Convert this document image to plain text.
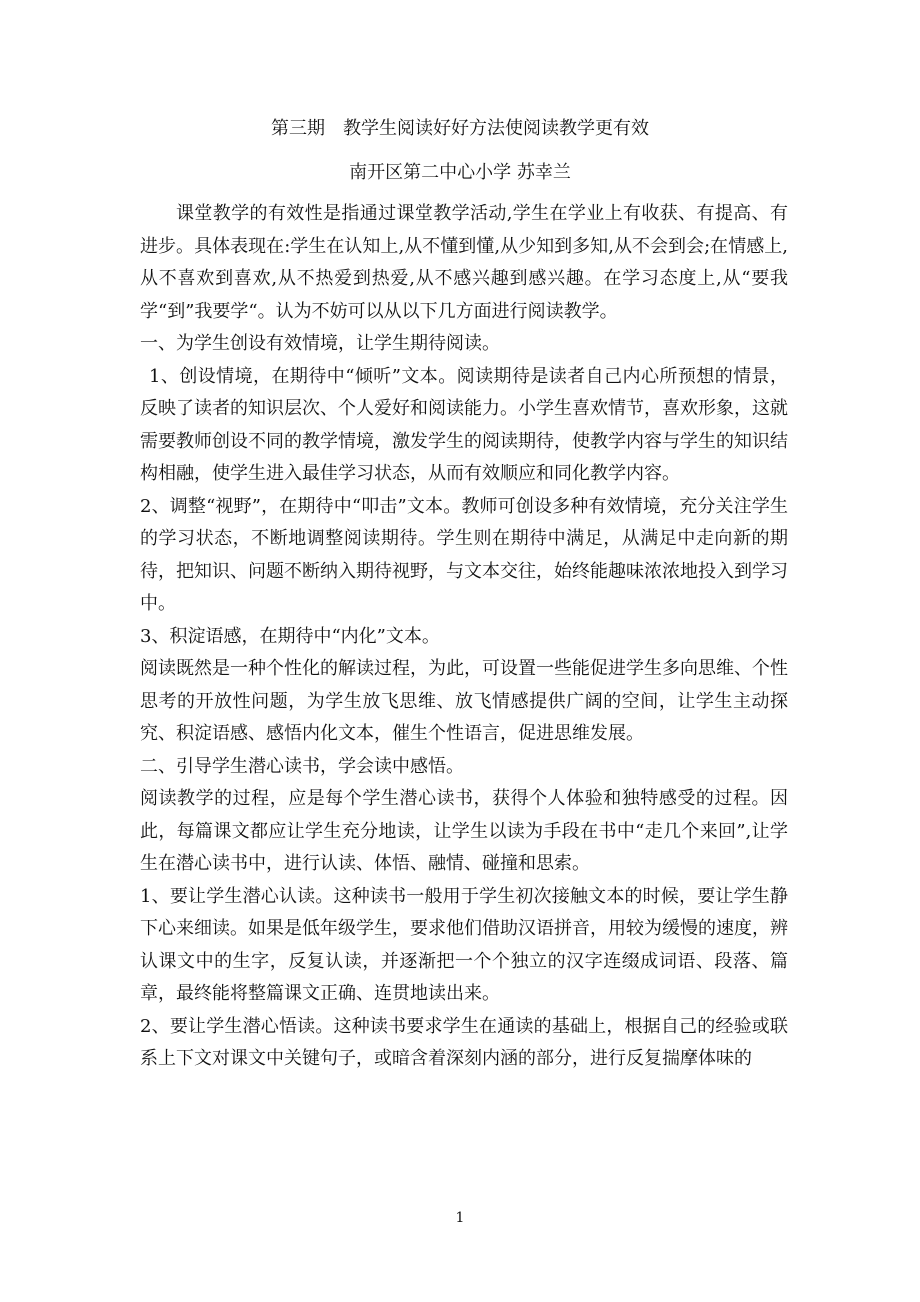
第三期　教学生阅读好好方法使阅读教学更有效
南开区第二中心小学 苏幸兰

课堂教学的有效性是指通过课堂教学活动,学生在学业上有收获、有提高、有进步。具体表现在:学生在认知上,从不懂到懂,从少知到多知,从不会到会;在情感上,从不喜欢到喜欢,从不热爱到热爱,从不感兴趣到感兴趣。在学习态度上,从“要我学“到”我要学“。认为不妨可以从以下几方面进行阅读教学。

一、为学生创设有效情境，让学生期待阅读。

1、创设情境，在期待中“倾听”文本。阅读期待是读者自己内心所预想的情景，反映了读者的知识层次、个人爱好和阅读能力。小学生喜欢情节，喜欢形象，这就需要教师创设不同的教学情境，激发学生的阅读期待，使教学内容与学生的知识结构相融，使学生进入最佳学习状态，从而有效顺应和同化教学内容。

2、调整“视野”，在期待中“叩击”文本。教师可创设多种有效情境，充分关注学生的学习状态，不断地调整阅读期待。学生则在期待中满足，从满足中走向新的期待，把知识、问题不断纳入期待视野，与文本交往，始终能趣味浓浓地投入到学习中。

3、积淀语感，在期待中“内化”文本。

阅读既然是一种个性化的解读过程，为此，可设置一些能促进学生多向思维、个性思考的开放性问题，为学生放飞思维、放飞情感提供广阔的空间，让学生主动探究、积淀语感、感悟内化文本，催生个性语言，促进思维发展。

二、引导学生潜心读书，学会读中感悟。

阅读教学的过程，应是每个学生潜心读书，获得个人体验和独特感受的过程。因此，每篇课文都应让学生充分地读，让学生以读为手段在书中“走几个来回”,让学生在潜心读书中，进行认读、体悟、融情、碰撞和思索。

1、要让学生潜心认读。这种读书一般用于学生初次接触文本的时候，要让学生静下心来细读。如果是低年级学生，要求他们借助汉语拼音，用较为缓慢的速度，辨认课文中的生字，反复认读，并逐渐把一个个独立的汉字连缀成词语、段落、篇章，最终能将整篇课文正确、连贯地读出来。

2、要让学生潜心悟读。这种读书要求学生在通读的基础上，根据自己的经验或联系上下文对课文中关键句子，或暗含着深刻内涵的部分，进行反复揣摩体味的

1
